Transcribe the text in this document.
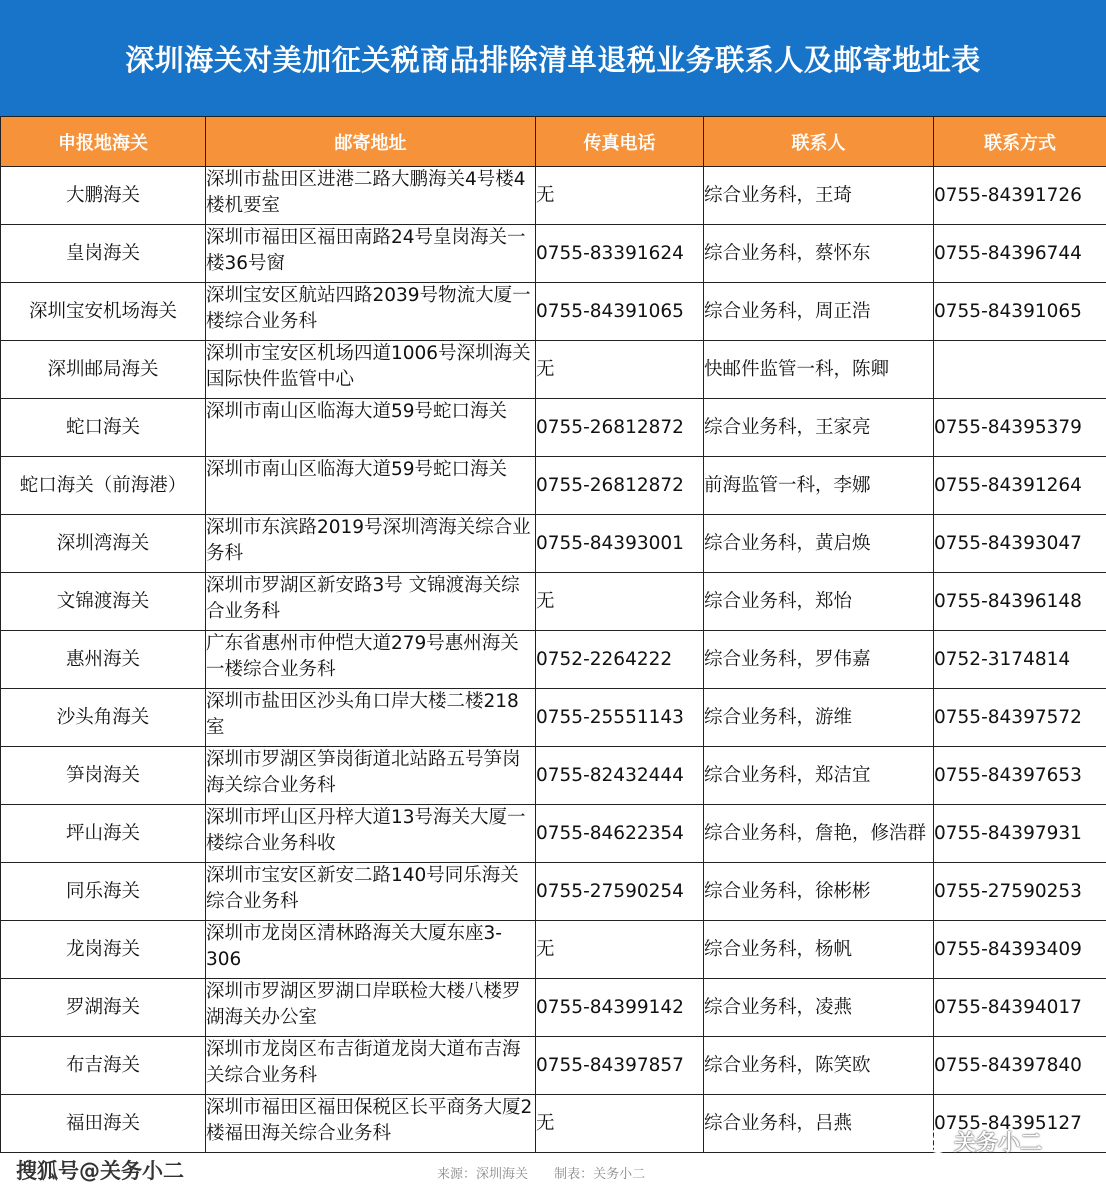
深圳海关对美加征关税商品排除清单退税业务联系人及邮寄地址表
申报地海关	邮寄地址	传真电话	联系人	联系方式
大鹏海关	深圳市盐田区进港二路大鹏海关4号楼4楼机要室	无	综合业务科，王琦	0755-84391726
皇岗海关	深圳市福田区福田南路24号皇岗海关一楼36号窗	0755-83391624	综合业务科，蔡怀东	0755-84396744
深圳宝安机场海关	深圳宝安区航站四路2039号物流大厦一楼综合业务科	0755-84391065	综合业务科，周正浩	0755-84391065
深圳邮局海关	深圳市宝安区机场四道1006号深圳海关国际快件监管中心	无	快邮件监管一科，陈卿	
蛇口海关	深圳市南山区临海大道59号蛇口海关	0755-26812872	综合业务科，王家亮	0755-84395379
蛇口海关（前海港）	深圳市南山区临海大道59号蛇口海关	0755-26812872	前海监管一科，李娜	0755-84391264
深圳湾海关	深圳市东滨路2019号深圳湾海关综合业务科	0755-84393001	综合业务科，黄启焕	0755-84393047
文锦渡海关	深圳市罗湖区新安路3号 文锦渡海关综合业务科	无	综合业务科，郑怡	0755-84396148
惠州海关	广东省惠州市仲恺大道279号惠州海关一楼综合业务科	0752-2264222	综合业务科，罗伟嘉	0752-3174814
沙头角海关	深圳市盐田区沙头角口岸大楼二楼218室	0755-25551143	综合业务科，游维	0755-84397572
笋岗海关	深圳市罗湖区笋岗街道北站路五号笋岗海关综合业务科	0755-82432444	综合业务科，郑洁宜	0755-84397653
坪山海关	深圳市坪山区丹梓大道13号海关大厦一楼综合业务科收	0755-84622354	综合业务科，詹艳，修浩群	0755-84397931
同乐海关	深圳市宝安区新安二路140号同乐海关综合业务科	0755-27590254	综合业务科，徐彬彬	0755-27590253
龙岗海关	深圳市龙岗区清林路海关大厦东座3-306	无	综合业务科，杨帆	0755-84393409
罗湖海关	深圳市罗湖区罗湖口岸联检大楼八楼罗湖海关办公室	0755-84399142	综合业务科，凌燕	0755-84394017
布吉海关	深圳市龙岗区布吉街道龙岗大道布吉海关综合业务科	0755-84397857	综合业务科，陈笑欧	0755-84397840
福田海关	深圳市福田区福田保税区长平商务大厦2楼福田海关综合业务科	无	综合业务科，吕燕	0755-84395127
搜狐号@关务小二	来源：深圳海关 制表：关务小二
关务小二
